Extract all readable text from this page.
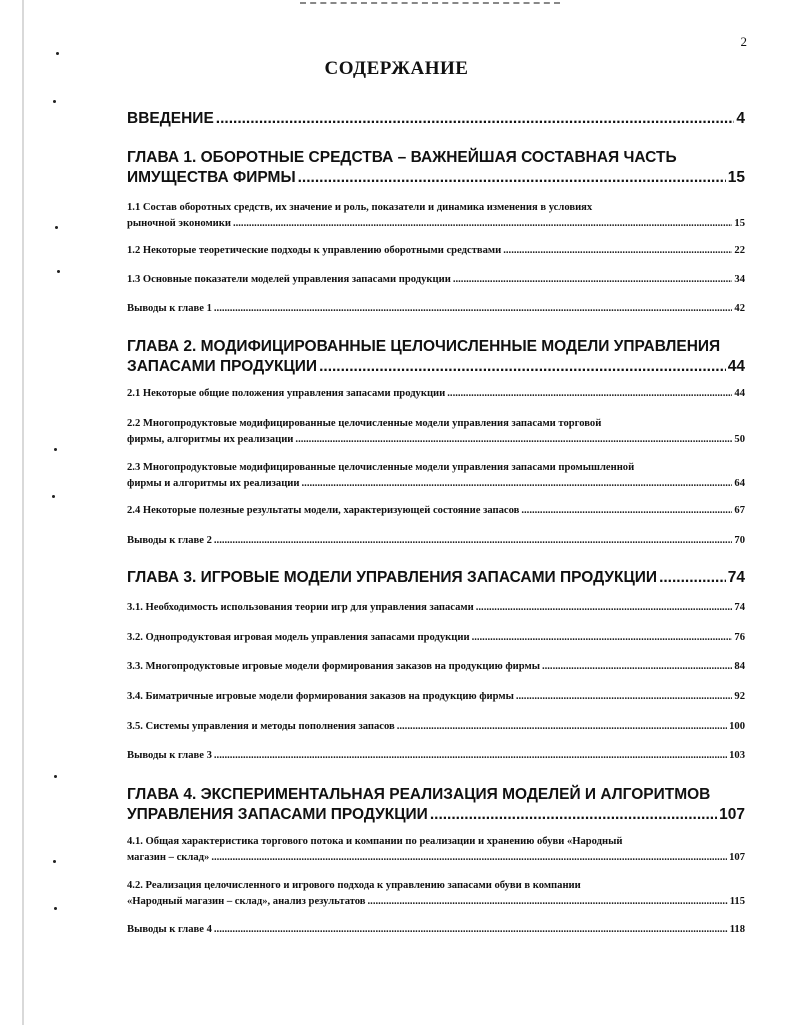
2
СОДЕРЖАНИЕ
ВВЕДЕНИЕ .....	4
ГЛАВА 1. ОБОРОТНЫЕ СРЕДСТВА – ВАЖНЕЙШАЯ СОСТАВНАЯ ЧАСТЬ
ИМУЩЕСТВА ФИРМЫ .....	15
1.1 Состав оборотных средств, их значение и роль, показатели и динамика изменения в условиях
рыночной экономики .....	15
1.2 Некоторые теоретические подходы к управлению оборотными средствами .....	22
1.3 Основные показатели моделей управления запасами продукции .....	34
Выводы к главе 1 .....	42
ГЛАВА 2. МОДИФИЦИРОВАННЫЕ ЦЕЛОЧИСЛЕННЫЕ МОДЕЛИ УПРАВЛЕНИЯ
ЗАПАСАМИ ПРОДУКЦИИ .....	44
2.1 Некоторые общие положения управления запасами продукции .....	44
2.2 Многопродуктовые модифицированные целочисленные модели управления запасами торговой
фирмы, алгоритмы их реализации .....	50
2.3 Многопродуктовые модифицированные целочисленные модели управления запасами промышленной
фирмы и алгоритмы их реализации .....	64
2.4 Некоторые полезные результаты модели, характеризующей состояние запасов .....	67
Выводы к главе 2 .....	70
ГЛАВА 3. ИГРОВЫЕ МОДЕЛИ УПРАВЛЕНИЯ ЗАПАСАМИ ПРОДУКЦИИ .....	74
3.1. Необходимость использования теории игр для управления запасами .....	74
3.2. Однопродуктовая игровая модель управления запасами продукции .....	76
3.3. Многопродуктовые игровые модели формирования заказов на продукцию фирмы .....	84
3.4. Биматричные игровые модели формирования заказов на продукцию фирмы .....	92
3.5. Системы управления и методы пополнения запасов .....	100
Выводы к главе 3 .....	103
ГЛАВА 4. ЭКСПЕРИМЕНТАЛЬНАЯ РЕАЛИЗАЦИЯ МОДЕЛЕЙ И АЛГОРИТМОВ
УПРАВЛЕНИЯ ЗАПАСАМИ ПРОДУКЦИИ .....	107
4.1. Общая характеристика торгового потока и компании по реализации и хранению обуви «Народный
магазин – склад» .....	107
4.2. Реализация целочисленного и игрового подхода к управлению запасами обуви в компании
«Народный магазин – склад», анализ результатов .....	115
Выводы к главе 4 .....	118
